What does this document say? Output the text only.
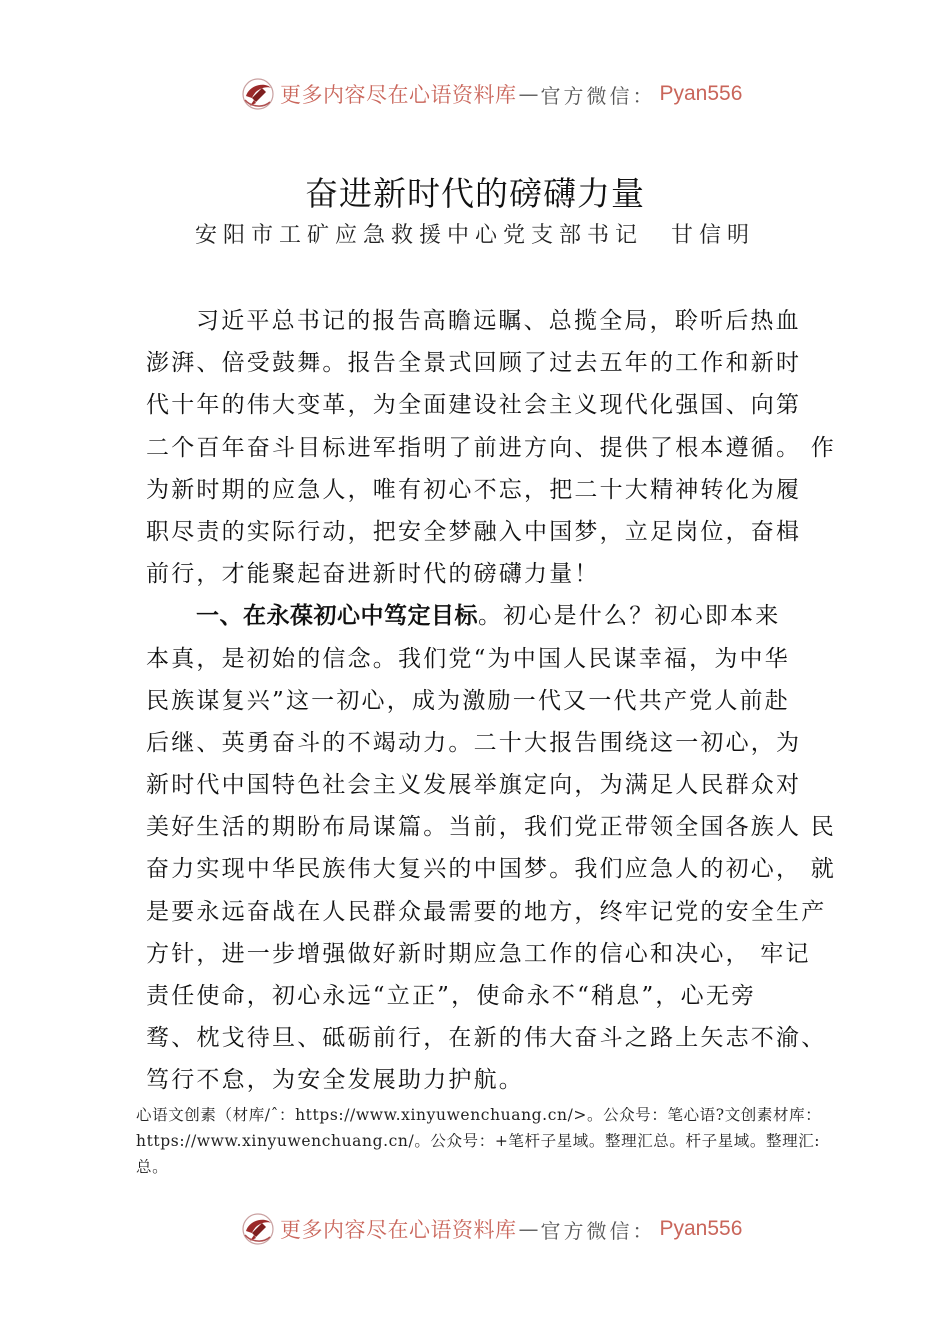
更多内容尽在心语资料库 — 官方微信： Pyan556
奋进新时代的磅礴力量
安阳市工矿应急救援中心党支部书记　甘信明
习近平总书记的报告高瞻远瞩、总揽全局，聆听后热血
澎湃、倍受鼓舞。报告全景式回顾了过去五年的工作和新时
代十年的伟大变革，为全面建设社会主义现代化强国、向第
二个百年奋斗目标进军指明了前进方向、提供了根本遵循。 作
为新时期的应急人，唯有初心不忘，把二十大精神转化为履
职尽责的实际行动，把安全梦融入中国梦，立足岗位，奋楫
前行，才能聚起奋进新时代的磅礴力量！
一、在永葆初心中笃定目标。初心是什么？初心即本来
本真，是初始的信念。我们党“为中国人民谋幸福，为中华
民族谋复兴”这一初心，成为激励一代又一代共产党人前赴
后继、英勇奋斗的不竭动力。二十大报告围绕这一初心，为
新时代中国特色社会主义发展举旗定向，为满足人民群众对
美好生活的期盼布局谋篇。当前，我们党正带领全国各族人 民
奋力实现中华民族伟大复兴的中国梦。我们应急人的初心， 就
是要永远奋战在人民群众最需要的地方，终牢记党的安全生产
方针，进一步增强做好新时期应急工作的信心和决心， 牢记
责任使命，初心永远“立正”，使命永不“稍息”，心无旁
骛、枕戈待旦、砥砺前行，在新的伟大奋斗之路上矢志不渝、
笃行不怠，为安全发展助力护航。
心语文创素（材库/ˆ：https://www.xinyuwenchuang.cn/>。公众号：笔心语?文创素材库：
https://www.xinyuwenchuang.cn/。公众号：+笔杆子星域。整理汇总。杆子星域。整理汇:
总。
更多内容尽在心语资料库 — 官方微信： Pyan556
